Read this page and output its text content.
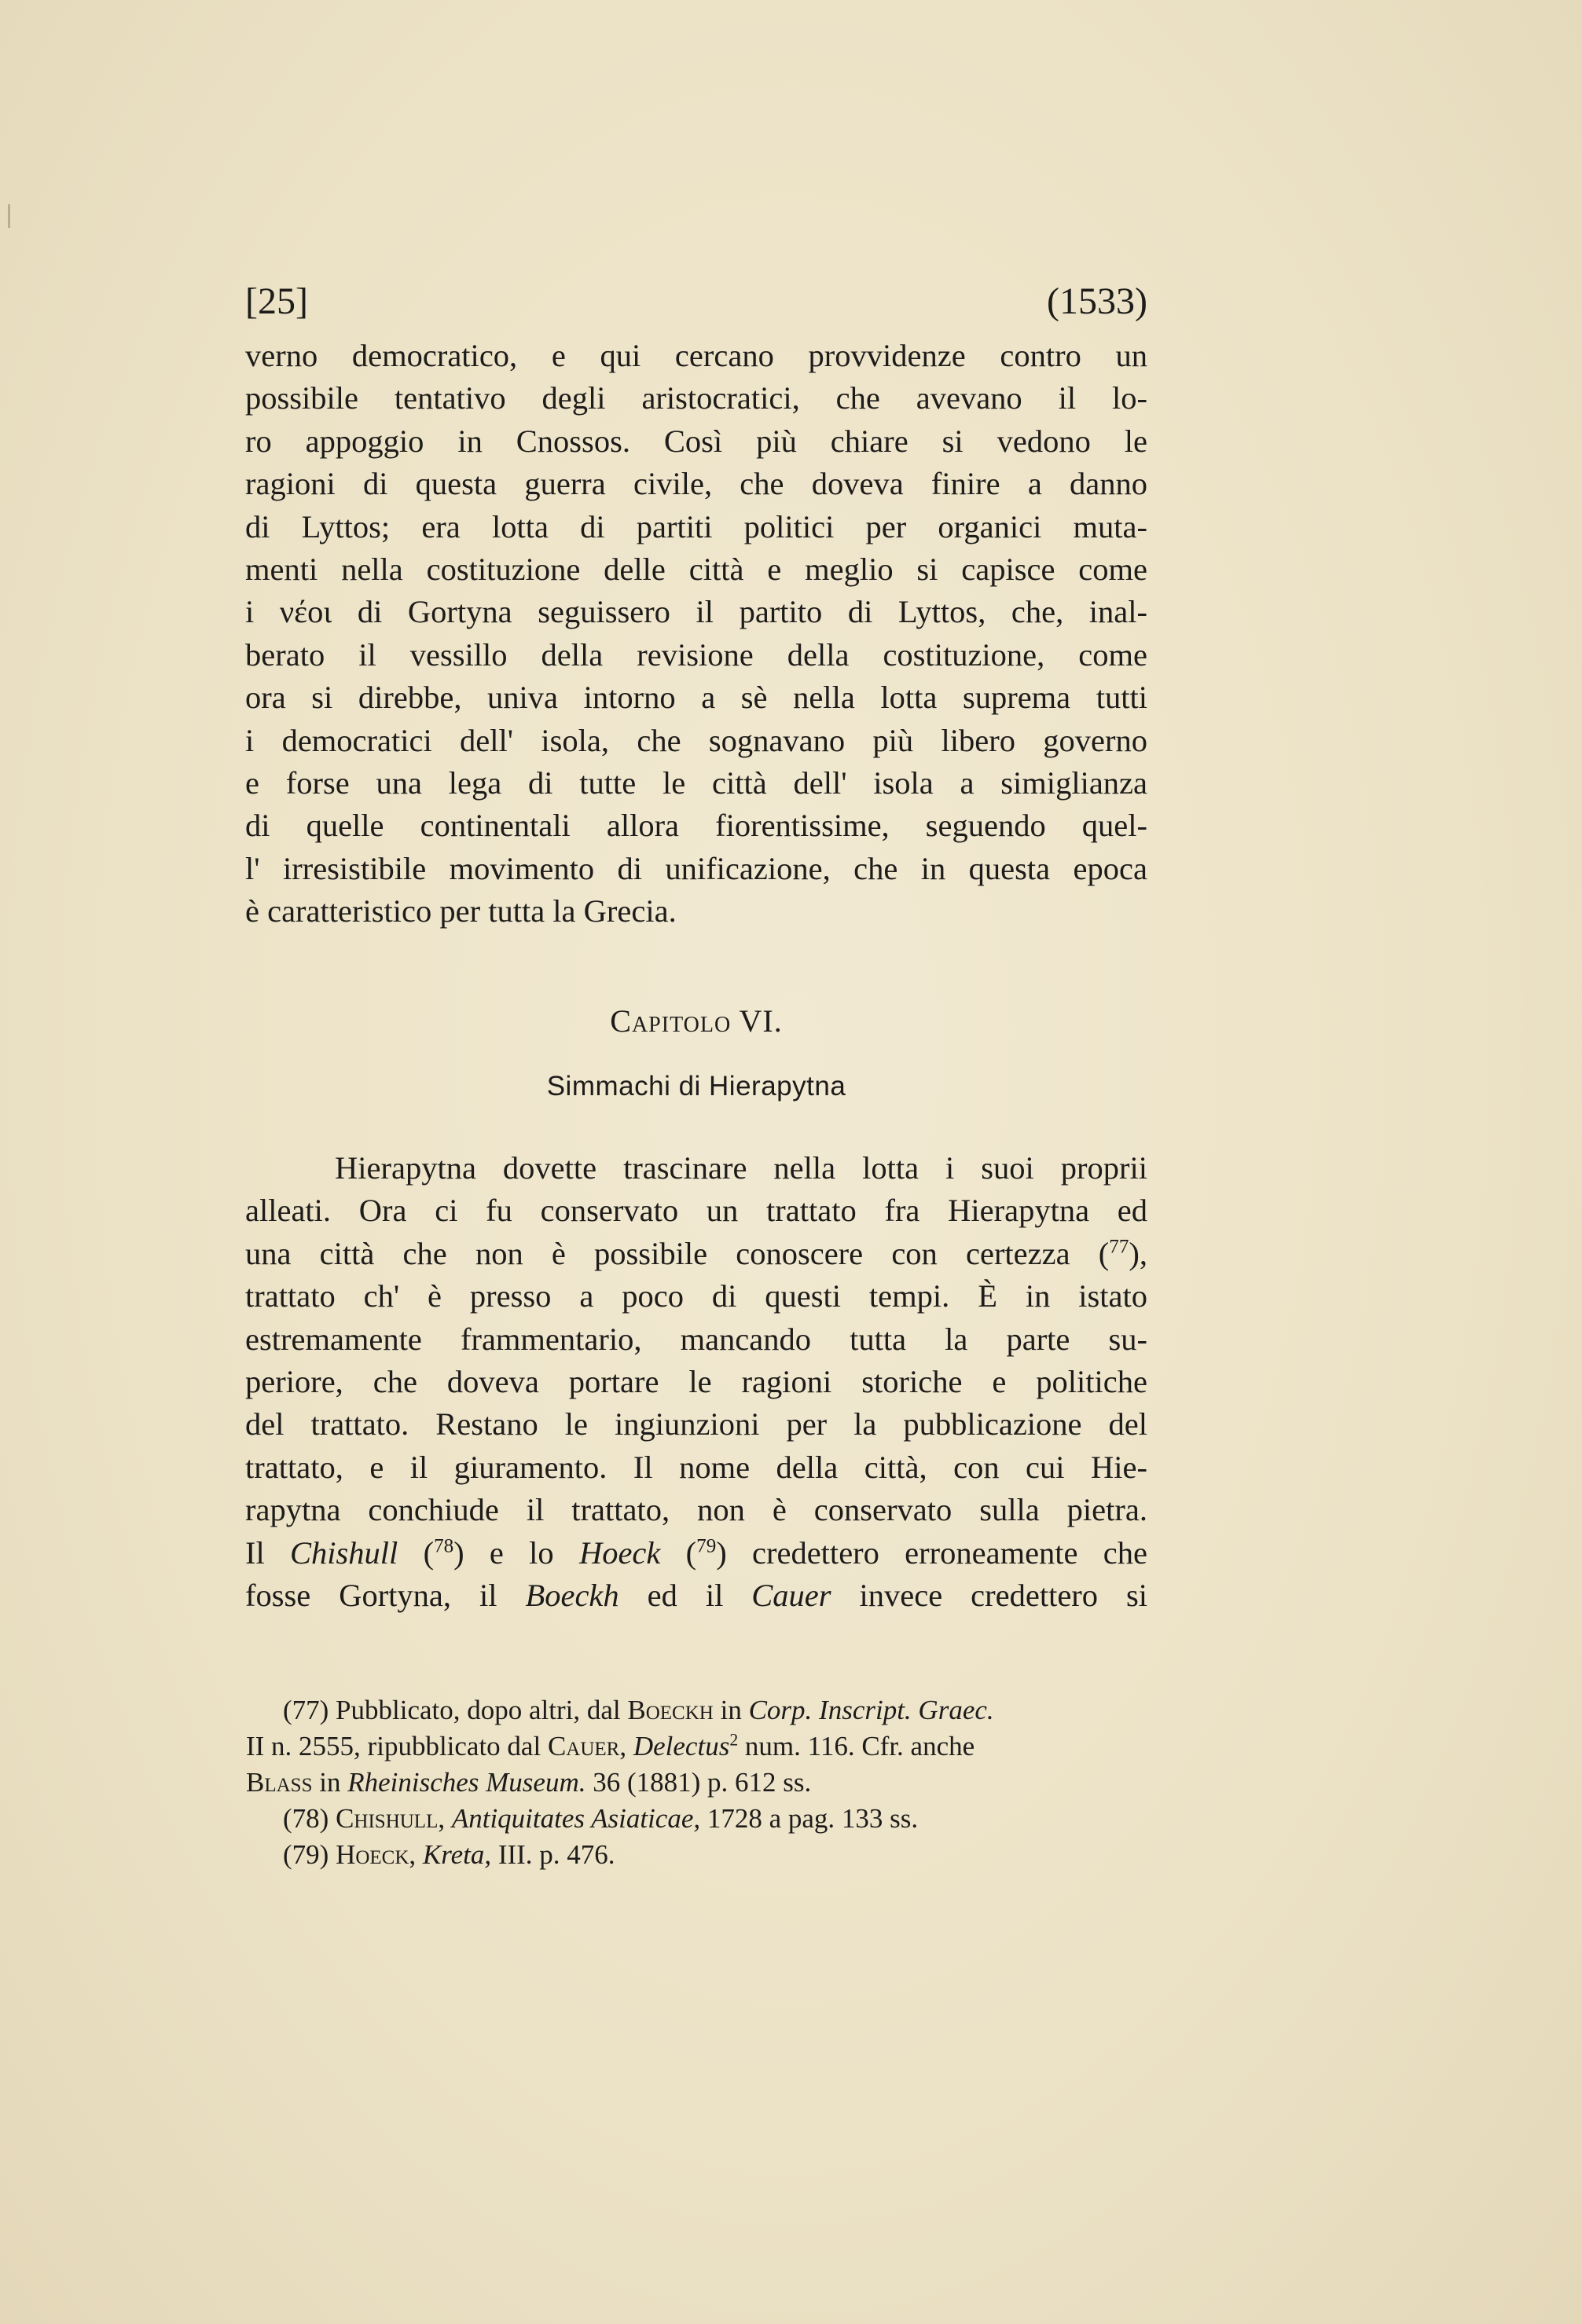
[25]	(1533)
verno democratico, e qui cercano provvidenze contro un
possibile tentativo degli aristocratici, che avevano il lo-
ro appoggio in Cnossos. Così più chiare si vedono le
ragioni di questa guerra civile, che doveva finire a danno
di Lyttos; era lotta di partiti politici per organici muta-
menti nella costituzione delle città e meglio si capisce come
i νέοι di Gortyna seguissero il partito di Lyttos, che, inal-
berato il vessillo della revisione della costituzione, come
ora si direbbe, univa intorno a sè nella lotta suprema tutti
i democratici dell' isola, che sognavano più libero governo
e forse una lega di tutte le città dell' isola a simiglianza
di quelle continentali allora fiorentissime, seguendo quel-
l' irresistibile movimento di unificazione, che in questa epoca
è caratteristico per tutta la Grecia.
Capitolo VI.
Simmachi di Hierapytna
Hierapytna dovette trascinare nella lotta i suoi proprii
alleati. Ora ci fu conservato un trattato fra Hierapytna ed
una città che non è possibile conoscere con certezza ($^{77}$),
trattato ch' è presso a poco di questi tempi. È in istato
estremamente frammentario, mancando tutta la parte su-
periore, che doveva portare le ragioni storiche e politiche
del trattato. Restano le ingiunzioni per la pubblicazione del
trattato, e il giuramento. Il nome della città, con cui Hie-
rapytna conchiude il trattato, non è conservato sulla pietra.
Il Chishull ($^{78}$) e lo Hoeck ($^{79}$) credettero erroneamente che
fosse Gortyna, il Boeckh ed il Cauer invece credettero si
(77) Pubblicato, dopo altri, dal Boeckh in Corp. Inscript. Graec.
II n. 2555, ripubblicato dal Cauer, Delectus$^2$ num. 116. Cfr. anche
Blass in Rheinisches Museum. 36 (1881) p. 612 ss.
(78) Chishull, Antiquitates Asiaticae, 1728 a pag. 133 ss.
(79) Hoeck, Kreta, III. p. 476.
